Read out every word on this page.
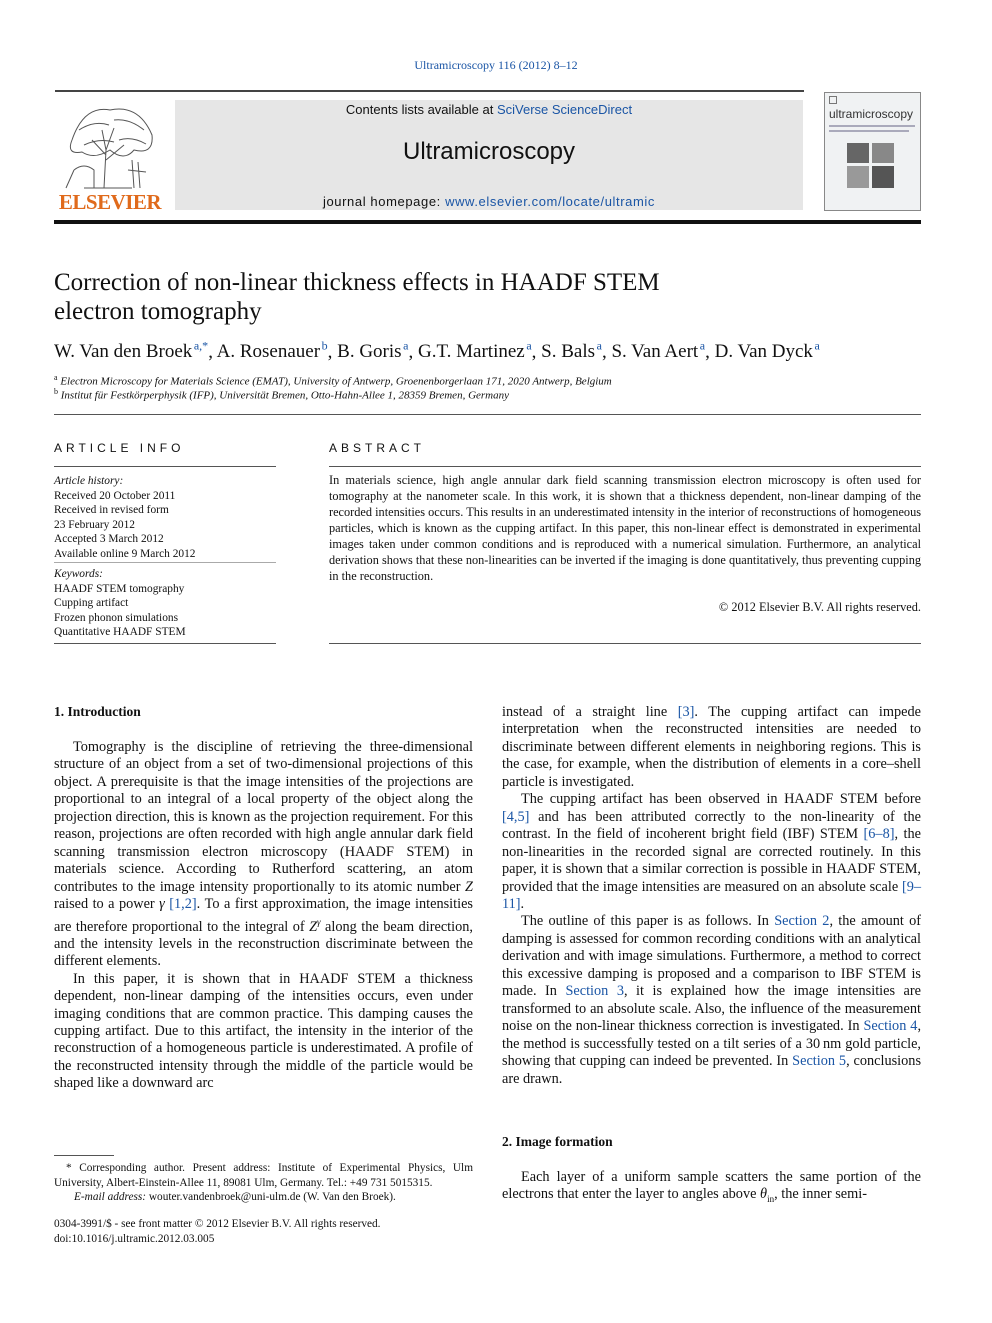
Ultramicroscopy 116 (2012) 8–12
ELSEVIER
Contents lists available at SciVerse ScienceDirect
Ultramicroscopy
journal homepage: www.elsevier.com/locate/ultramic
ultramicroscopy
Correction of non-linear thickness effects in HAADF STEM
electron tomography
W. Van den Broek  $^{a,*}$, A. Rosenauer  $^b$, B. Goris  $^a$, G.T. Martinez  $^a$, S. Bals  $^a$, S. Van Aert  $^a$, D. Van Dyck  $^a$
$^a$ Electron Microscopy for Materials Science (EMAT), University of Antwerp, Groenenborgerlaan 171, 2020 Antwerp, Belgium
$^b$ Institut für Festkörperphysik (IFP), Universität Bremen, Otto-Hahn-Allee 1, 28359 Bremen, Germany
ARTICLE INFO
Article history:
Received 20 October 2011
Received in revised form
23 February 2012
Accepted 3 March 2012
Available online 9 March 2012
Keywords:
HAADF STEM tomography
Cupping artifact
Frozen phonon simulations
Quantitative HAADF STEM
ABSTRACT
In materials science, high angle annular dark field scanning transmission electron microscopy is often used for tomography at the nanometer scale. In this work, it is shown that a thickness dependent, non-linear damping of the recorded intensities occurs. This results in an underestimated intensity in the interior of reconstructions of homogeneous particles, which is known as the cupping artifact. In this paper, this non-linear effect is demonstrated in experimental images taken under common conditions and is reproduced with a numerical simulation. Furthermore, an analytical derivation shows that these non-linearities can be inverted if the imaging is done quantitatively, thus preventing cupping in the reconstruction.
© 2012 Elsevier B.V. All rights reserved.
1. Introduction

Tomography is the discipline of retrieving the three-dimensional structure of an object from a set of two-dimensional projections of this object. A prerequisite is that the image intensities of the projections are proportional to an integral of a local property of the object along the projection direction, this is known as the projection requirement. For this reason, projections are often recorded with high angle annular dark field scanning transmission electron microscopy (HAADF STEM) in materials science. According to Rutherford scattering, an atom contributes to the image intensity proportionally to its atomic number Z raised to a power γ [1,2]. To a first approximation, the image intensities are therefore proportional to the integral of $Z^\gamma$ along the beam direction, and the intensity levels in the reconstruction discriminate between the different elements.

In this paper, it is shown that in HAADF STEM a thickness dependent, non-linear damping of the intensities occurs, even under imaging conditions that are common practice. This damping causes the cupping artifact. Due to this artifact, the intensity in the interior of the reconstruction of a homogeneous particle is underestimated. A profile of the reconstructed intensity through the middle of the particle would be shaped like a downward arc

* Corresponding author. Present address: Institute of Experimental Physics, Ulm University, Albert-Einstein-Allee 11, 89081 Ulm, Germany. Tel.: +49 731 5015315.
E-mail address: wouter.vandenbroek@uni-ulm.de (W. Van den Broek).
0304-3991/$ - see front matter © 2012 Elsevier B.V. All rights reserved.
doi:10.1016/j.ultramic.2012.03.005

instead of a straight line [3]. The cupping artifact can impede interpretation when the reconstructed intensities are needed to discriminate between different elements in neighboring regions. This is the case, for example, when the distribution of elements in a core–shell particle is investigated.

The cupping artifact has been observed in HAADF STEM before [4,5] and has been attributed correctly to the non-linearity of the contrast. In the field of incoherent bright field (IBF) STEM [6–8], the non-linearities in the recorded signal are corrected routinely. In this paper, it is shown that a similar correction is possible in HAADF STEM, provided that the image intensities are measured on an absolute scale [9–11].

The outline of this paper is as follows. In Section 2, the amount of damping is assessed for common recording conditions with an analytical derivation and with image simulations. Furthermore, a method to correct this excessive damping is proposed and a comparison to IBF STEM is made. In Section 3, it is explained how the image intensities are transformed to an absolute scale. Also, the influence of the measurement noise on the non-linear thickness correction is investigated. In Section 4, the method is successfully tested on a tilt series of a 30 nm gold particle, showing that cupping can indeed be prevented. In Section 5, conclusions are drawn.

2. Image formation

Each layer of a uniform sample scatters the same portion of the electrons that enter the layer to angles above $\theta_{in}$, the inner semi-
